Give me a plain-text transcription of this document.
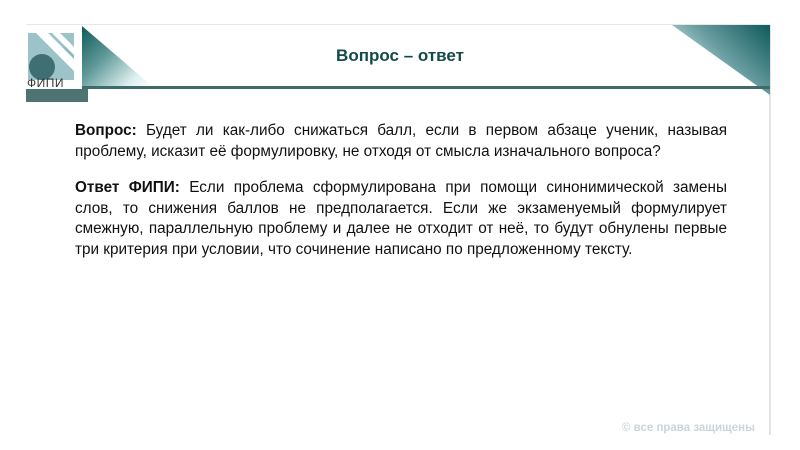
ФИПИ
Вопрос – ответ

Вопрос: Будет ли как-либо снижаться балл, если в первом абзаце ученик, называя проблему, исказит её формулировку, не отходя от смысла изначального вопроса?

Ответ ФИПИ: Если проблема сформулирована при помощи синонимической замены слов, то снижения баллов не предполагается. Если же экзаменуемый формулирует смежную, параллельную проблему и далее не отходит от неё, то будут обнулены первые три критерия при условии, что сочинение написано по предложенному тексту.

© все права защищены
